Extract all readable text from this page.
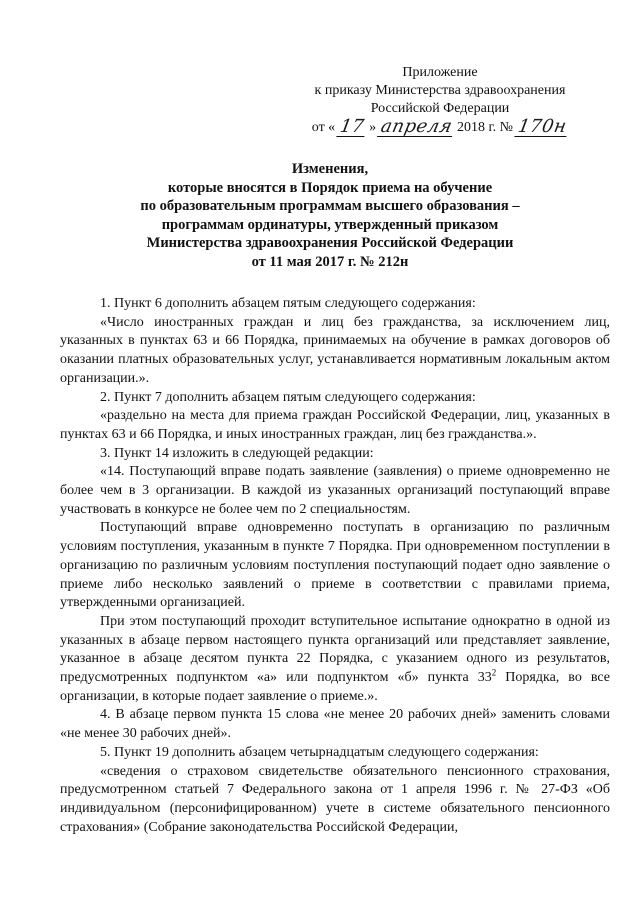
Приложение
к приказу Министерства здравоохранения
Российской Федерации
от « 17 » апреля 2018 г. № 170н
Изменения,
которые вносятся в Порядок приема на обучение
по образовательным программам высшего образования –
программам ординатуры, утвержденный приказом
Министерства здравоохранения Российской Федерации
от 11 мая 2017 г. № 212н

1. Пункт 6 дополнить абзацем пятым следующего содержания:

«Число иностранных граждан и лиц без гражданства, за исключением лиц, указанных в пунктах 63 и 66 Порядка, принимаемых на обучение в рамках договоров об оказании платных образовательных услуг, устанавливается нормативным локальным актом организации.».

2. Пункт 7 дополнить абзацем пятым следующего содержания:

«раздельно на места для приема граждан Российской Федерации, лиц, указанных в пунктах 63 и 66 Порядка, и иных иностранных граждан, лиц без гражданства.».

3. Пункт 14 изложить в следующей редакции:

«14. Поступающий вправе подать заявление (заявления) о приеме одновременно не более чем в 3 организации. В каждой из указанных организаций поступающий вправе участвовать в конкурсе не более чем по 2 специальностям.

Поступающий вправе одновременно поступать в организацию по различным условиям поступления, указанным в пункте 7 Порядка. При одновременном поступлении в организацию по различным условиям поступления поступающий подает одно заявление о приеме либо несколько заявлений о приеме в соответствии с правилами приема, утвержденными организацией.

При этом поступающий проходит вступительное испытание однократно в одной из указанных в абзаце первом настоящего пункта организаций или представляет заявление, указанное в абзаце десятом пункта 22 Порядка, с указанием одного из результатов, предусмотренных подпунктом «а» или подпунктом «б» пункта $33^2$ Порядка, во все организации, в которые подает заявление о приеме.».

4. В абзаце первом пункта 15 слова «не менее 20 рабочих дней» заменить словами «не менее 30 рабочих дней».

5. Пункт 19 дополнить абзацем четырнадцатым следующего содержания:

«сведения о страховом свидетельстве обязательного пенсионного страхования, предусмотренном статьей 7 Федерального закона от 1 апреля 1996 г. № 27-ФЗ «Об индивидуальном (персонифицированном) учете в системе обязательного пенсионного страхования» (Собрание законодательства Российской Федерации,
